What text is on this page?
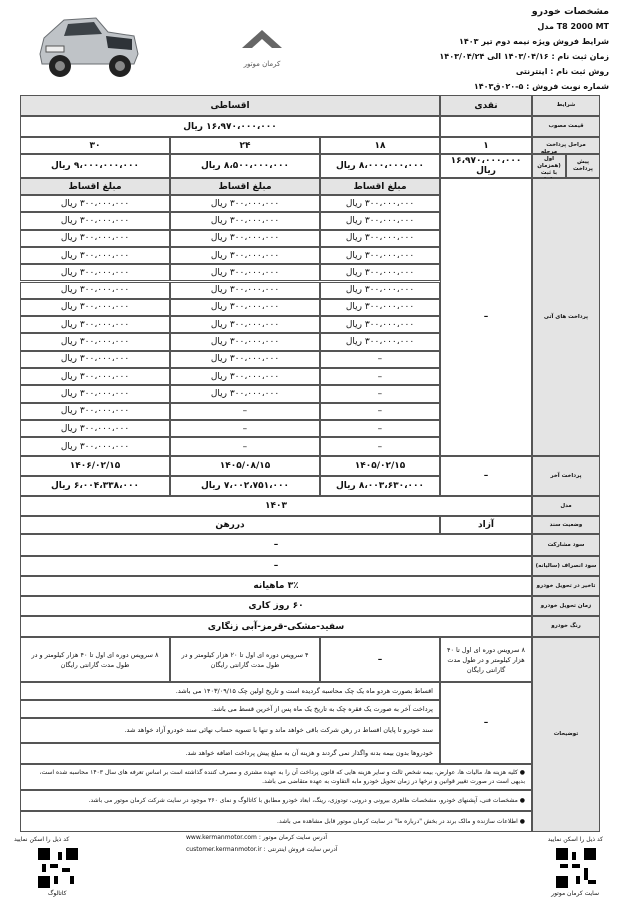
مشخصات خودرو
مدل T8 2000 MT
شرایط فروش ویژه نیمه دوم تیر ۱۴۰۳
زمان ثبت نام : ۱۴۰۳/۰۴/۱۶ الی ۱۴۰۳/۰۴/۲۴
روش ثبت نام : اینترنتی
شماره نوبت فروش : ۵-۰۲۰ق۱۴۰۳
کرمان موتور
شرایط
نقدی
اقساطی
قیمت مصوب
۱۶،۹۷۰،۰۰۰،۰۰۰ ریال
مراحل پرداخت
۱
۱۸
۲۴
۳۰
پیش پرداخت
اول (همزمان با ثبت
۱۶،۹۷۰،۰۰۰،۰۰۰ ریال
۸،۰۰۰،۰۰۰،۰۰۰ ریال
۸،۵۰۰،۰۰۰،۰۰۰ ریال
۹،۰۰۰،۰۰۰،۰۰۰ ریال
پرداخت های آتی
–
مبلغ اقساط
۳۰۰،۰۰۰،۰۰۰ ریال
۳۰۰،۰۰۰،۰۰۰ ریال
۳۰۰،۰۰۰،۰۰۰ ریال
۳۰۰،۰۰۰،۰۰۰ ریال
۳۰۰،۰۰۰،۰۰۰ ریال
۳۰۰،۰۰۰،۰۰۰ ریال
۳۰۰،۰۰۰،۰۰۰ ریال
۳۰۰،۰۰۰،۰۰۰ ریال
۳۰۰،۰۰۰،۰۰۰ ریال
–
–
–
–
–
–
مبلغ اقساط
۳۰۰،۰۰۰،۰۰۰ ریال
۳۰۰،۰۰۰،۰۰۰ ریال
۳۰۰،۰۰۰،۰۰۰ ریال
۳۰۰،۰۰۰،۰۰۰ ریال
۳۰۰،۰۰۰،۰۰۰ ریال
۳۰۰،۰۰۰،۰۰۰ ریال
۳۰۰،۰۰۰،۰۰۰ ریال
۳۰۰،۰۰۰،۰۰۰ ریال
۳۰۰،۰۰۰،۰۰۰ ریال
۳۰۰،۰۰۰،۰۰۰ ریال
۳۰۰،۰۰۰،۰۰۰ ریال
۳۰۰،۰۰۰،۰۰۰ ریال
–
–
–
مبلغ اقساط
۳۰۰،۰۰۰،۰۰۰ ریال
۳۰۰،۰۰۰،۰۰۰ ریال
۳۰۰،۰۰۰،۰۰۰ ریال
۳۰۰،۰۰۰،۰۰۰ ریال
۳۰۰،۰۰۰،۰۰۰ ریال
۳۰۰،۰۰۰،۰۰۰ ریال
۳۰۰،۰۰۰،۰۰۰ ریال
۳۰۰،۰۰۰،۰۰۰ ریال
۳۰۰،۰۰۰،۰۰۰ ریال
۳۰۰،۰۰۰،۰۰۰ ریال
۳۰۰،۰۰۰،۰۰۰ ریال
۳۰۰،۰۰۰،۰۰۰ ریال
۳۰۰،۰۰۰،۰۰۰ ریال
۳۰۰،۰۰۰،۰۰۰ ریال
۳۰۰،۰۰۰،۰۰۰ ریال
پرداخت آخر
–
۱۴۰۵/۰۲/۱۵
۸،۰۰۳،۶۳۰،۰۰۰ ریال
۱۴۰۵/۰۸/۱۵
۷،۰۰۲،۷۵۱،۰۰۰ ریال
۱۴۰۶/۰۲/۱۵
۶،۰۰۴،۳۳۸،۰۰۰ ریال
مدل
۱۴۰۳
وضعیت سند
آزاد
دررهن
سود مشارکت
–
سود انصراف (سالیانه)
–
تاخیر در تحویل خودرو
۳٪ ماهیانه
زمان تحویل خودرو
۶۰ روز کاری
رنگ خودرو
سفید-مشکی-قرمز-آبی زنگاری
توضیحات
۸ سرویس دوره ای اول تا ۴۰ هزار کیلومتر و در طول مدت گارانتی رایگان
–
۴ سرویس دوره ای اول تا ۲۰ هزار کیلومتر و در طول مدت گارانتی رایگان
۸ سرویس دوره ای اول تا ۴۰ هزار کیلومتر و در طول مدت گارانتی رایگان
–
اقساط بصورت هردو ماه یک چک محاسبه گردیده است و تاریخ اولین چک ۱۴۰۳/۰۹/۱۵ می باشد.
پرداخت آخر به صورت یک فقره چک به تاریخ یک ماه پس از آخرین قسط می باشد.
سند خودرو تا پایان اقساط در رهن شرکت باقی خواهد ماند و تنها با تسویه حساب نهائی سند خودرو آزاد خواهد شد.
خودروها بدون بیمه بدنه واگذار نمی گردند و هزینه آن به مبلغ پیش پرداخت اضافه خواهد شد.
● کلیه هزینه ها، مالیات ها، عوارض، بیمه شخص ثالث و سایر هزینه هایی که قانون پرداخت آن را به عهده مشتری و مصرف کننده گذاشته است بر اساس تعرفه های سال ۱۴۰۳ محاسبه شده است، بدیهی است در صورت تغییر قوانین و نرخها در زمان تحویل خودرو مابه التفاوت به عهده متقاضی می باشد.
● مشخصات فنی، آپشنهای خودرو، مشخصات ظاهری بیرونی و درونی، تودوزی، رینگ، ابعاد خودرو مطابق با کاتالوگ و نمای ۳۶۰ موجود در سایت شرکت کرمان موتور می باشد.
● اطلاعات سازنده و مالک برند در بخش "درباره ما" در سایت کرمان موتور قابل مشاهده می باشد.
کد ذیل را اسکن نمایید
سایت کرمان موتور
آدرس سایت کرمان موتور : www.kermanmotor.com
آدرس سایت فروش اینترنتی : customer.kermanmotor.ir
کد ذیل را اسکن نمایید
کاتالوگ
